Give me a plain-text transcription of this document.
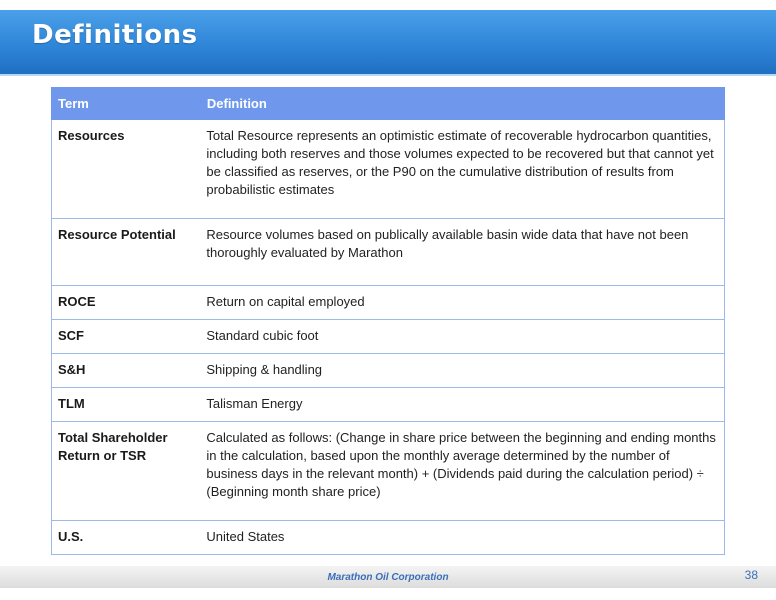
Definitions
Term	Definition
Resources	Total Resource represents an optimistic estimate of recoverable hydrocarbon quantities, including both reserves and those volumes expected to be recovered but that cannot yet be classified as reserves, or the P90 on the cumulative distribution of results from probabilistic estimates
Resource Potential	Resource volumes based on publically available basin wide data that have not been thoroughly evaluated by Marathon
ROCE	Return on capital employed
SCF	Standard cubic foot
S&H	Shipping & handling
TLM	Talisman Energy
Total Shareholder Return or TSR	Calculated as follows: (Change in share price between the beginning and ending months in the calculation, based upon the monthly average determined by the number of business days in the relevant month) + (Dividends paid during the calculation period) ÷ (Beginning month share price)
U.S.	United States
Marathon Oil Corporation	38
